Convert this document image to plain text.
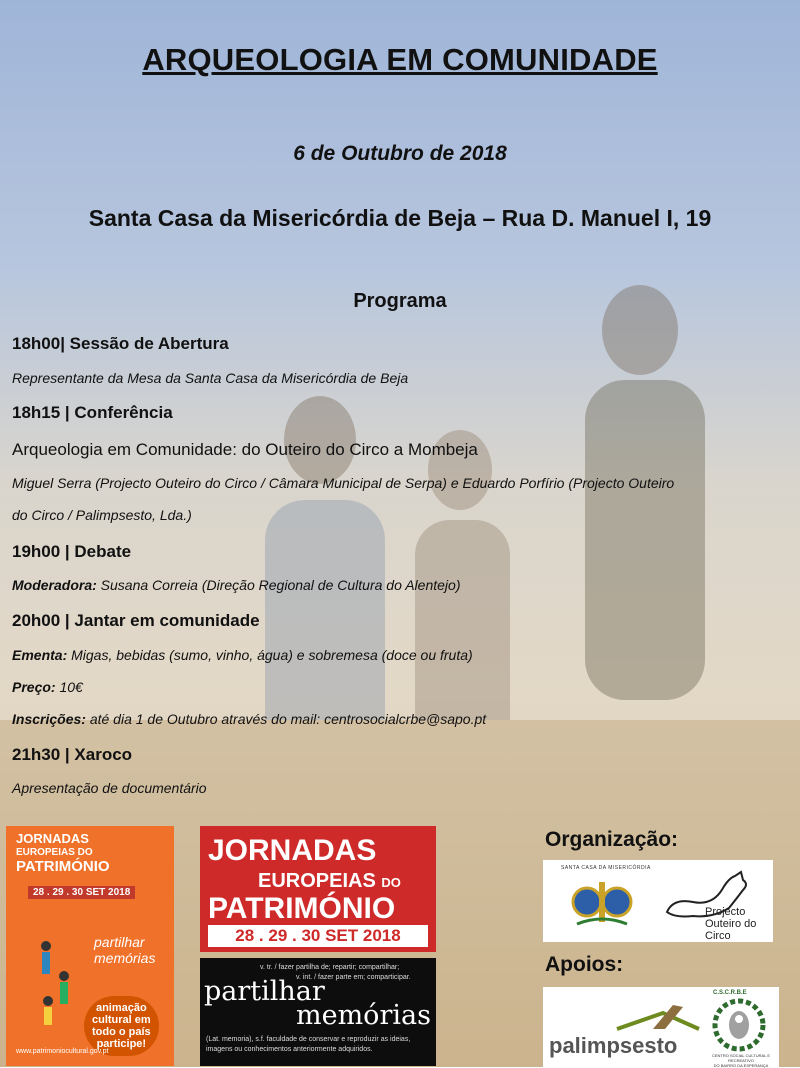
ARQUEOLOGIA EM COMUNIDADE

6 de Outubro de 2018

Santa Casa da Misericórdia de Beja – Rua D. Manuel I, 19

Programa

18h00| Sessão de Abertura

Representante da Mesa da Santa Casa da Misericórdia de Beja

18h15 | Conferência

Arqueologia em Comunidade: do Outeiro do Circo a Mombeja

Miguel Serra (Projecto Outeiro do Circo / Câmara Municipal de Serpa) e Eduardo Porfírio (Projecto Outeiro

do Circo / Palimpsesto, Lda.)

19h00 | Debate

Moderadora: Susana Correia (Direção Regional de Cultura do Alentejo)

20h00 | Jantar em comunidade

Ementa: Migas, bebidas (sumo, vinho, água) e sobremesa (doce ou fruta)

Preço: 10€

Inscrições: até dia 1 de Outubro através do mail: centrosocialcrbe@sapo.pt

21h30 | Xaroco

Apresentação de documentário

JORNADAS
EUROPEIAS DO
PATRIMÓNIO
28 . 29 . 30 SET 2018
partilhar memórias
animação
cultural em
todo o país
participe!
www.patrimoniocultural.gov.pt
JORNADAS
EUROPEIAS DO
PATRIMÓNIO
28 . 29 . 30 SET 2018
v. tr. / fazer partilha de; repartir; compartilhar;
v. int. / fazer parte em; comparticipar.
partilhar
memórias
(Lat. memoria), s.f. faculdade de conservar e reproduzir as ideias,
imagens ou conhecimentos anteriormente adquiridos.

Organização:

SANTA CASA DA MISERICÓRDIA
Projecto
Outeiro do Circo

Apoios:

palimpsesto
C.S.C.R.B.E
CENTRO SOCIAL CULTURAL E RECREATIVO
DO BAIRRO DA ESPERANÇA
